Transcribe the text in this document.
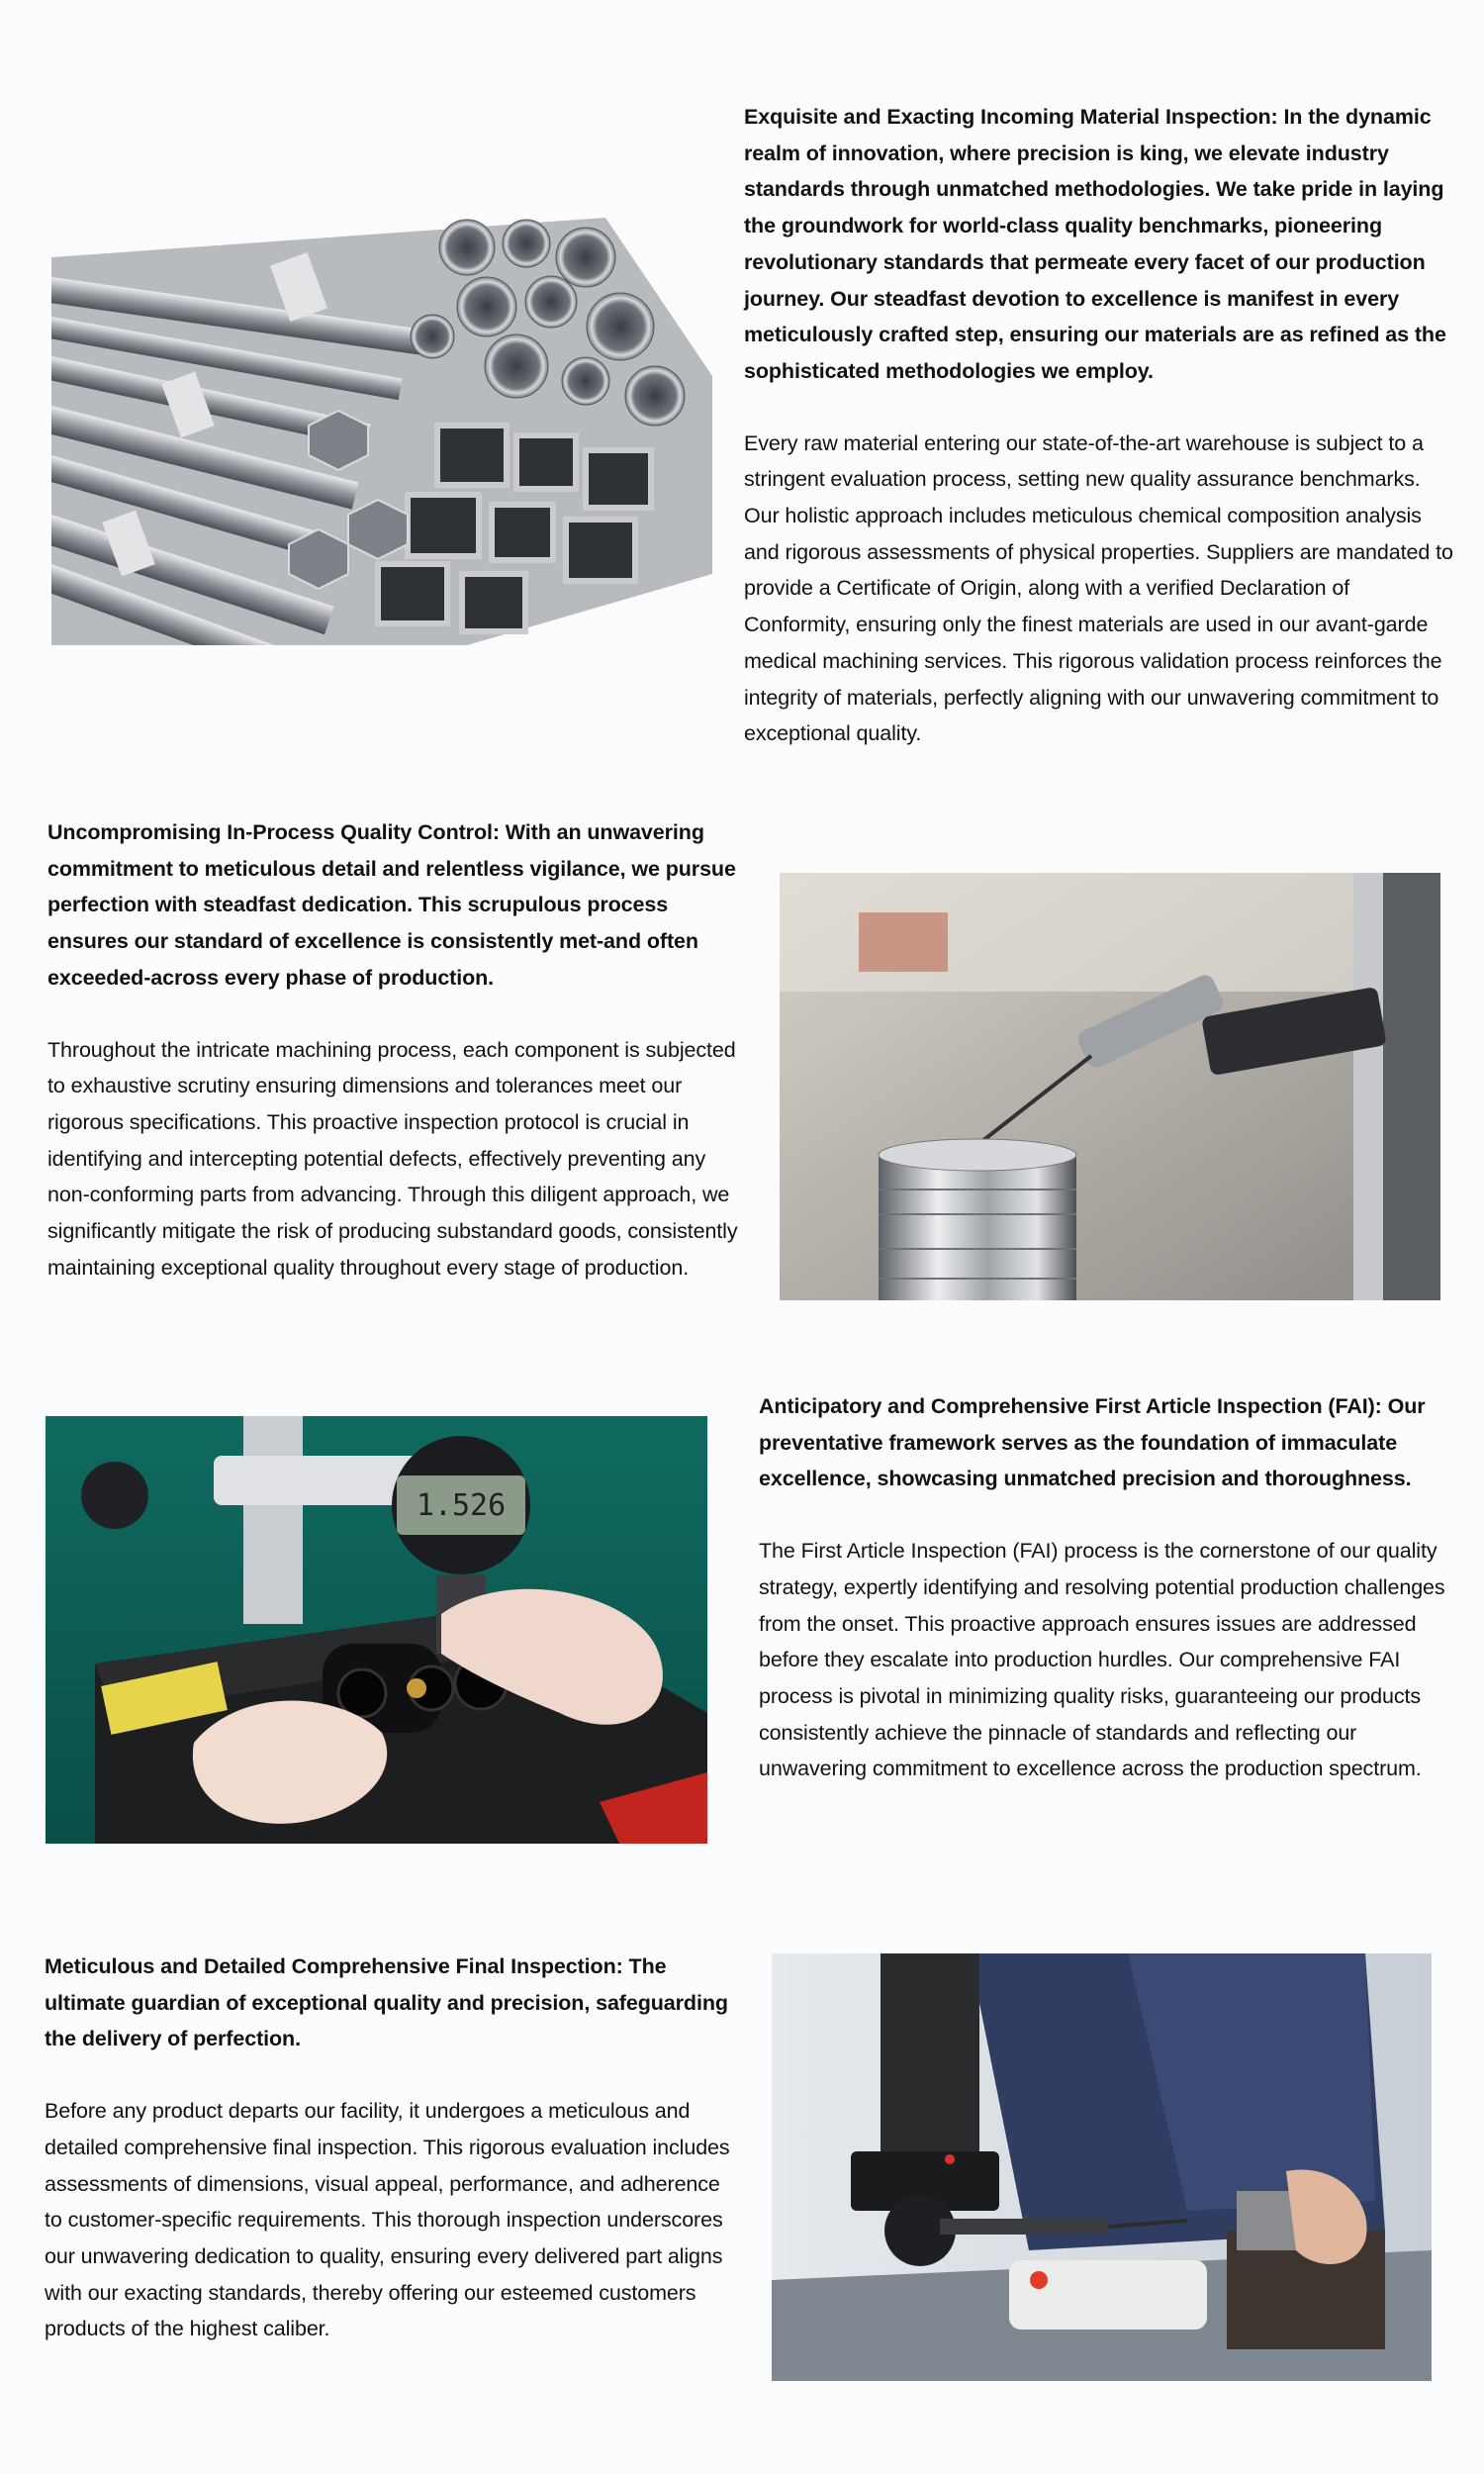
Exquisite and Exacting Incoming Material Inspection: In the dynamic realm of innovation, where precision is king, we elevate industry standards through unmatched methodologies. We take pride in laying the groundwork for world-class quality benchmarks, pioneering revolutionary standards that permeate every facet of our production journey. Our steadfast devotion to excellence is manifest in every meticulously crafted step, ensuring our materials are as refined as the sophisticated methodologies we employ.

Every raw material entering our state-of-the-art warehouse is subject to a stringent evaluation process, setting new quality assurance benchmarks. Our holistic approach includes meticulous chemical composition analysis and rigorous assessments of physical properties. Suppliers are mandated to provide a Certificate of Origin, along with a verified Declaration of Conformity, ensuring only the finest materials are used in our avant-garde medical machining services. This rigorous validation process reinforces the integrity of materials, perfectly aligning with our unwavering commitment to exceptional quality.

Uncompromising In-Process Quality Control: With an unwavering commitment to meticulous detail and relentless vigilance, we pursue perfection with steadfast dedication. This scrupulous process ensures our standard of excellence is consistently met-and often exceeded-across every phase of production.

Throughout the intricate machining process, each component is subjected to exhaustive scrutiny ensuring dimensions and tolerances meet our rigorous specifications. This proactive inspection protocol is crucial in identifying and intercepting potential defects, effectively preventing any non-conforming parts from advancing. Through this diligent approach, we significantly mitigate the risk of producing substandard goods, consistently maintaining exceptional quality throughout every stage of production.

1.526

Anticipatory and Comprehensive First Article Inspection (FAI): Our preventative framework serves as the foundation of immaculate excellence, showcasing unmatched precision and thoroughness.

The First Article Inspection (FAI) process is the cornerstone of our quality strategy, expertly identifying and resolving potential production challenges from the onset. This proactive approach ensures issues are addressed before they escalate into production hurdles. Our comprehensive FAI process is pivotal in minimizing quality risks, guaranteeing our products consistently achieve the pinnacle of standards and reflecting our unwavering commitment to excellence across the production spectrum.

Meticulous and Detailed Comprehensive Final Inspection: The ultimate guardian of exceptional quality and precision, safeguarding the delivery of perfection.

Before any product departs our facility, it undergoes a meticulous and detailed comprehensive final inspection. This rigorous evaluation includes assessments of dimensions, visual appeal, performance, and adherence to customer-specific requirements. This thorough inspection underscores our unwavering dedication to quality, ensuring every delivered part aligns with our exacting standards, thereby offering our esteemed customers products of the highest caliber.
